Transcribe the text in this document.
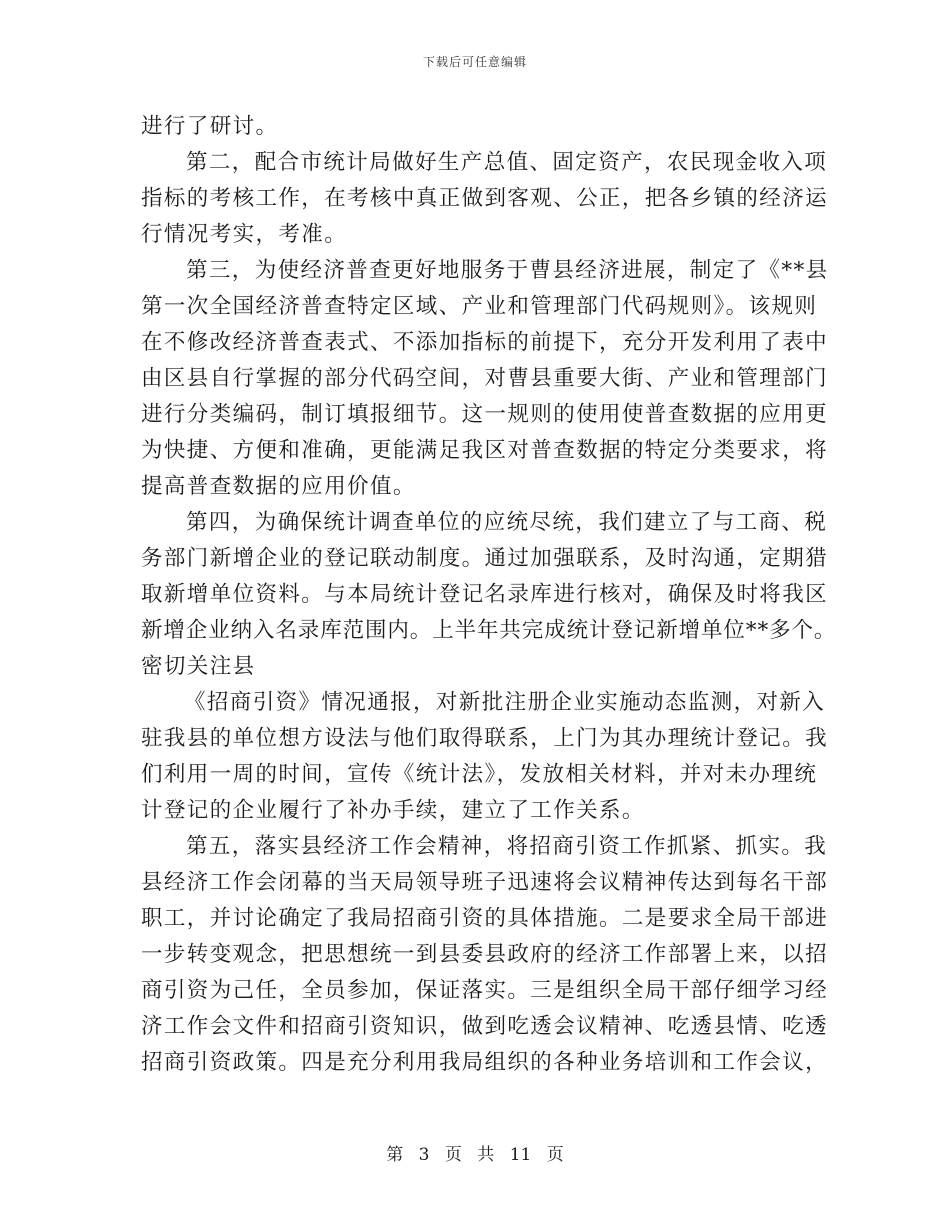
下载后可任意编辑
进行了研讨。
第二，配合市统计局做好生产总值、固定资产，农民现金收入项
指标的考核工作，在考核中真正做到客观、公正，把各乡镇的经济运
行情况考实，考准。
第三，为使经济普查更好地服务于曹县经济进展，制定了《**县
第一次全国经济普查特定区域、产业和管理部门代码规则》。该规则
在不修改经济普查表式、不添加指标的前提下，充分开发利用了表中
由区县自行掌握的部分代码空间，对曹县重要大街、产业和管理部门
进行分类编码，制订填报细节。这一规则的使用使普查数据的应用更
为快捷、方便和准确，更能满足我区对普查数据的特定分类要求，将
提高普查数据的应用价值。
第四，为确保统计调查单位的应统尽统，我们建立了与工商、税
务部门新增企业的登记联动制度。通过加强联系，及时沟通，定期猎
取新增单位资料。与本局统计登记名录库进行核对，确保及时将我区
新增企业纳入名录库范围内。上半年共完成统计登记新增单位**多个。
密切关注县
《招商引资》情况通报，对新批注册企业实施动态监测，对新入
驻我县的单位想方设法与他们取得联系，上门为其办理统计登记。我
们利用一周的时间，宣传《统计法》，发放相关材料，并对未办理统
计登记的企业履行了补办手续，建立了工作关系。
第五，落实县经济工作会精神，将招商引资工作抓紧、抓实。我
县经济工作会闭幕的当天局领导班子迅速将会议精神传达到每名干部
职工，并讨论确定了我局招商引资的具体措施。二是要求全局干部进
一步转变观念，把思想统一到县委县政府的经济工作部署上来，以招
商引资为己任，全员参加，保证落实。三是组织全局干部仔细学习经
济工作会文件和招商引资知识，做到吃透会议精神、吃透县情、吃透
招商引资政策。四是充分利用我局组织的各种业务培训和工作会议，
第 3 页 共 11 页
